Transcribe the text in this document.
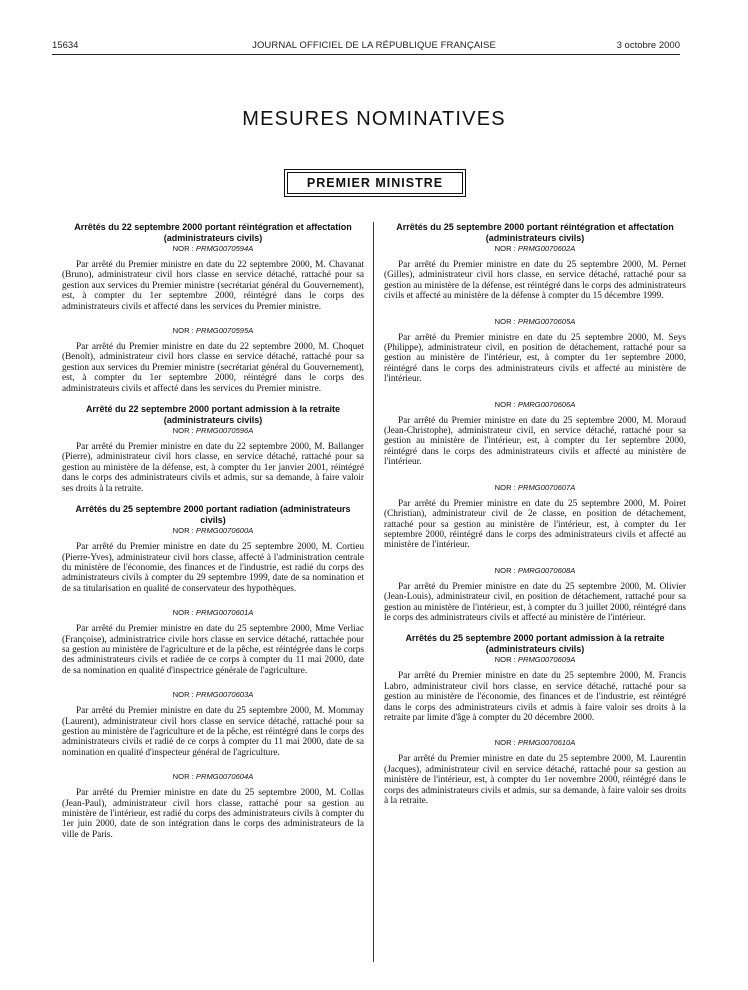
15634	JOURNAL OFFICIEL DE LA RÉPUBLIQUE FRANÇAISE	3 octobre 2000
MESURES NOMINATIVES
PREMIER MINISTRE

Arrêtés du 22 septembre 2000 portant réintégration et affectation (administrateurs civils)

NOR : PRMG0070594A

Par arrêté du Premier ministre en date du 22 septembre 2000, M. Chavanat (Bruno), administrateur civil hors classe en service détaché, rattaché pour sa gestion aux services du Premier ministre (secrétariat général du Gouvernement), est, à compter du 1er septembre 2000, réintégré dans le corps des administrateurs civils et affecté dans les services du Premier ministre.

NOR : PRMG0070595A

Par arrêté du Premier ministre en date du 22 septembre 2000, M. Choquet (Benoît), administrateur civil hors classe en service détaché, rattaché pour sa gestion aux services du Premier ministre (secrétariat général du Gouvernement), est, à compter du 1er septembre 2000, réintégré dans le corps des administrateurs civils et affecté dans les services du Premier ministre.

Arrêté du 22 septembre 2000 portant admission à la retraite (administrateurs civils)

NOR : PRMG0070596A

Par arrêté du Premier ministre en date du 22 septembre 2000, M. Ballanger (Pierre), administrateur civil hors classe, en service détaché, rattaché pour sa gestion au ministère de la défense, est, à compter du 1er janvier 2001, réintégré dans le corps des administrateurs civils et admis, sur sa demande, à faire valoir ses droits à la retraite.

Arrêtés du 25 septembre 2000 portant radiation (administrateurs civils)

NOR : PRMG0070600A

Par arrêté du Premier ministre en date du 25 septembre 2000, M. Cortieu (Pierre-Yves), administrateur civil hors classe, affecté à l'administration centrale du ministère de l'économie, des finances et de l'industrie, est radié du corps des administrateurs civils à compter du 29 septembre 1999, date de sa nomination et de sa titularisation en qualité de conservateur des hypothèques.

NOR : PRMG0070601A

Par arrêté du Premier ministre en date du 25 septembre 2000, Mme Verliac (Françoise), administratrice civile hors classe en service détaché, rattachée pour sa gestion au ministère de l'agriculture et de la pêche, est réintégrée dans le corps des administrateurs civils et radiée de ce corps à compter du 11 mai 2000, date de sa nomination en qualité d'inspectrice générale de l'agriculture.

NOR : PRMG0070603A

Par arrêté du Premier ministre en date du 25 septembre 2000, M. Mommay (Laurent), administrateur civil hors classe en service détaché, rattaché pour sa gestion au ministère de l'agriculture et de la pêche, est réintégré dans le corps des administrateurs civils et radié de ce corps à compter du 11 mai 2000, date de sa nomination en qualité d'inspecteur général de l'agriculture.

NOR : PRMG0070604A

Par arrêté du Premier ministre en date du 25 septembre 2000, M. Collas (Jean-Paul), administrateur civil hors classe, rattaché pour sa gestion au ministère de l'intérieur, est radié du corps des administrateurs civils à compter du 1er juin 2000, date de son intégration dans le corps des administrateurs de la ville de Paris.

Arrêtés du 25 septembre 2000 portant réintégration et affectation (administrateurs civils)

NOR : PRMG0070602A

Par arrêté du Premier ministre en date du 25 septembre 2000, M. Pernet (Gilles), administrateur civil hors classe, en service détaché, rattaché pour sa gestion au ministère de la défense, est réintégré dans le corps des administrateurs civils et affecté au ministère de la défense à compter du 15 décembre 1999.

NOR : PRMG0070605A

Par arrêté du Premier ministre en date du 25 septembre 2000, M. Seys (Philippe), administrateur civil, en position de détachement, rattaché pour sa gestion au ministère de l'intérieur, est, à compter du 1er septembre 2000, réintégré dans le corps des administrateurs civils et affecté au ministère de l'intérieur.

NOR : PMRG0070606A

Par arrêté du Premier ministre en date du 25 septembre 2000, M. Moraud (Jean-Christophe), administrateur civil, en service détaché, rattaché pour sa gestion au ministère de l'intérieur, est, à compter du 1er septembre 2000, réintégré dans le corps des administrateurs civils et affecté au ministère de l'intérieur.

NOR : PRMG0070607A

Par arrêté du Premier ministre en date du 25 septembre 2000, M. Poiret (Christian), administrateur civil de 2e classe, en position de détachement, rattaché pour sa gestion au ministère de l'intérieur, est, à compter du 1er septembre 2000, réintégré dans le corps des administrateurs civils et affecté au ministère de l'intérieur.

NOR : PMRG0070608A

Par arrêté du Premier ministre en date du 25 septembre 2000, M. Olivier (Jean-Louis), administrateur civil, en position de détachement, rattaché pour sa gestion au ministère de l'intérieur, est, à compter du 3 juillet 2000, réintégré dans le corps des administrateurs civils et affecté au ministère de l'intérieur.

Arrêtés du 25 septembre 2000 portant admission à la retraite (administrateurs civils)

NOR : PRMG0070609A

Par arrêté du Premier ministre en date du 25 septembre 2000, M. Francis Labro, administrateur civil hors classe, en service détaché, rattaché pour sa gestion au ministère de l'économie, des finances et de l'industrie, est réintégré dans le corps des administrateurs civils et admis à faire valoir ses droits à la retraite par limite d'âge à compter du 20 décembre 2000.

NOR : PRMG0070610A

Par arrêté du Premier ministre en date du 25 septembre 2000, M. Laurentin (Jacques), administrateur civil en service détaché, rattaché pour sa gestion au ministère de l'intérieur, est, à compter du 1er novembre 2000, réintégré dans le corps des administrateurs civils et admis, sur sa demande, à faire valoir ses droits à la retraite.
